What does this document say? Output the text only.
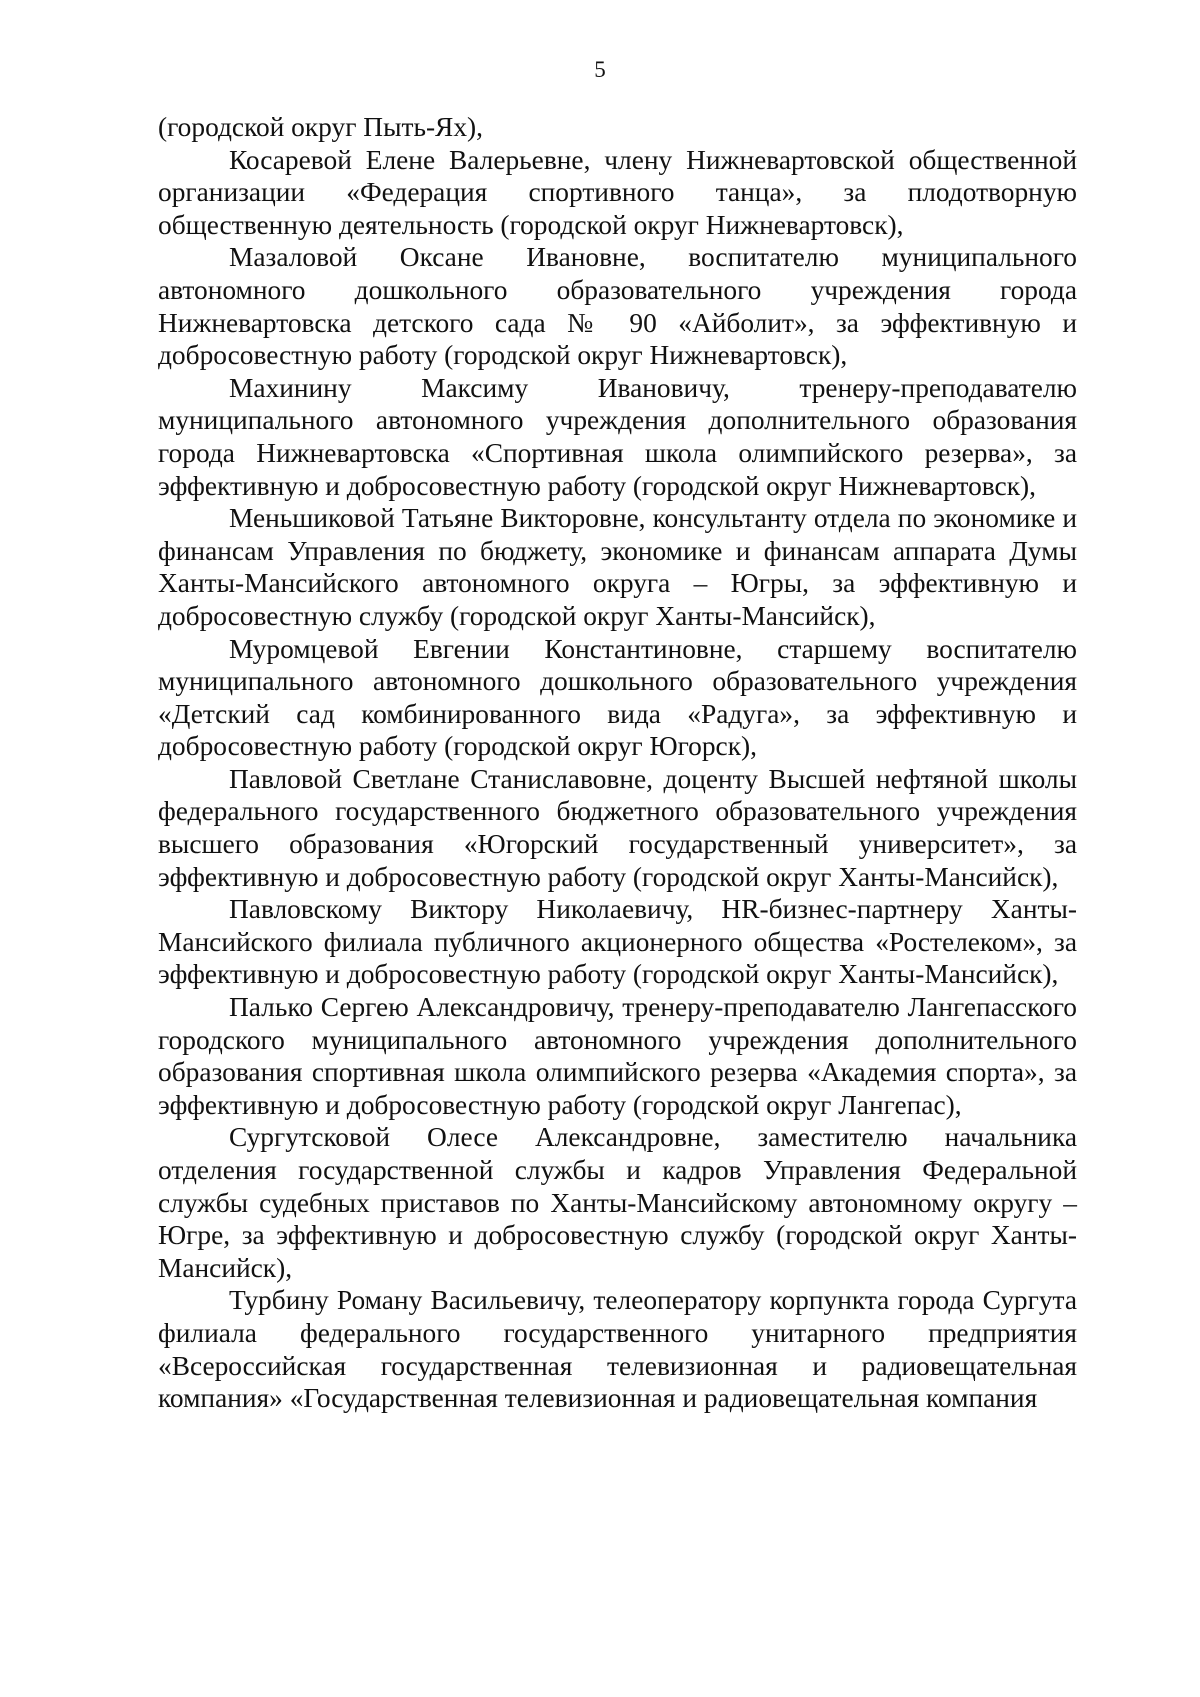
5

(городской округ Пыть-Ях),

Косаревой Елене Валерьевне, члену Нижневартовской общественной организации «Федерация спортивного танца», за плодотворную общественную деятельность (городской округ Нижневартовск),

Мазаловой Оксане Ивановне, воспитателю муниципального автономного дошкольного образовательного учреждения города Нижневартовска детского сада № 90 «Айболит», за эффективную и добросовестную работу (городской округ Нижневартовск),

Махинину Максиму Ивановичу, тренеру-преподавателю муниципального автономного учреждения дополнительного образования города Нижневартовска «Спортивная школа олимпийского резерва», за эффективную и добросовестную работу (городской округ Нижневартовск),

Меньшиковой Татьяне Викторовне, консультанту отдела по экономике и финансам Управления по бюджету, экономике и финансам аппарата Думы Ханты-Мансийского автономного округа – Югры, за эффективную и добросовестную службу (городской округ Ханты-Мансийск),

Муромцевой Евгении Константиновне, старшему воспитателю муниципального автономного дошкольного образовательного учреждения «Детский сад комбинированного вида «Радуга», за эффективную и добросовестную работу (городской округ Югорск),

Павловой Светлане Станиславовне, доценту Высшей нефтяной школы федерального государственного бюджетного образовательного учреждения высшего образования «Югорский государственный университет», за эффективную и добросовестную работу (городской округ Ханты-Мансийск),

Павловскому Виктору Николаевичу, HR-бизнес-партнеру Ханты-Мансийского филиала публичного акционерного общества «Ростелеком», за эффективную и добросовестную работу (городской округ Ханты-Мансийск),

Палько Сергею Александровичу, тренеру-преподавателю Лангепасского городского муниципального автономного учреждения дополнительного образования спортивная школа олимпийского резерва «Академия спорта», за эффективную и добросовестную работу (городской округ Лангепас),

Сургутсковой Олесе Александровне, заместителю начальника отделения государственной службы и кадров Управления Федеральной службы судебных приставов по Ханты-Мансийскому автономному округу – Югре, за эффективную и добросовестную службу (городской округ Ханты-Мансийск),

Турбину Роману Васильевичу, телеоператору корпункта города Сургута филиала федерального государственного унитарного предприятия «Всероссийская государственная телевизионная и радиовещательная компания» «Государственная телевизионная и радиовещательная компания
